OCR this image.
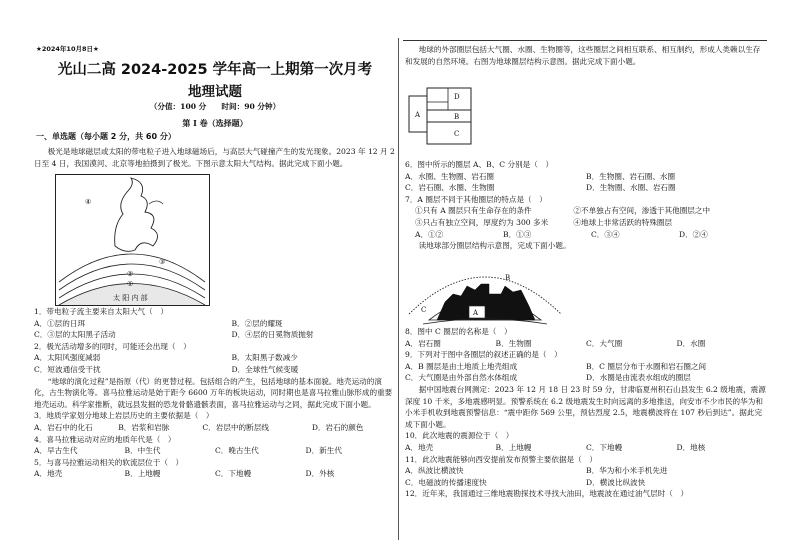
★2024年10月8日★
光山二高 2024-2025 学年高一上期第一次月考
地理试题
（分值：100 分　　时间：90 分钟）
第 I 卷（选择题）
一、单选题（每小题 2 分，共 60 分）

极光是地球磁层或太阳的带电粒子进入地球磁场后，与高层大气碰撞产生的发光现象。2023 年 12 月 2 日至 4 日，我国漠河、北京等地拍摄到了极光。下图示意太阳大气结构。据此完成下面小题。

④
③
②
①
太 阳 内 部

1．带电粒子流主要来自太阳大气（　）

A．①层的日珥	B．②层的耀斑
C．③层的太阳黑子活动	D．④层的日冕物质抛射

2．极光活动增多的同时，可能还会出现（　）

A．太阳风强度减弱	B．太阳黑子数减少
C．短波通信受干扰	D．全球性气候变暖

“地球的演化过程”是指原（代）的更替过程。包括组合的产生，包括地球的基本面貌。地壳运动的演化，古生物演化等。喜马拉雅运动是始于距今 6600 万年的板块运动，同时期也是喜马拉雅山脉形成的重要地壳运动。科学家推断，就远县发掘的恐龙骨骼遗骸表面，喜马拉雅运动与之同，据此完成下面小题。

3．地质学家划分地球上岩层历史的主要依据是（　）

A．岩石中的化石	B．岩浆和岩脉	C．岩层中的断层线	D．岩石的颜色

4．喜马拉雅运动对应的地质年代是（　）

A．早古生代	B．中生代	C．晚古生代	D．新生代

5．与喜马拉雅运动相关的软流层位于（　）

A．地壳	B．上地幔	C．下地幔	D．外核

地球的外部圈层包括大气圈、水圈、生物圈等，这些圈层之间相互联系、相互制约，形成人类赖以生存和发展的自然环境。右图为地球圈层结构示意图。据此完成下面小题。

A
D
B
C

6．图中所示的圈层 A、B、C 分别是（　）

A．水圈、生物圈、岩石圈	B．生物圈、岩石圈、水圈
C．岩石圈、水圈、生物圈	D．生物圈、水圈、岩石圈

7．A 圈层不同于其他圈层的特点是（　）

①只有 A 圈层只有生命存在的条件	②不单独占有空间，渗透于其他圈层之中
③只占有独立空间，厚度约为 300 多米	④地球上非常活跃的特殊圈层
A．①②	B．①③	C．③④	D．②④

读地球部分圈层结构示意图，完成下面小题。

A
B
C

8．图中 C 圈层的名称是（　）

A．岩石圈	B．生物圈	C．大气圈	D．水圈

9．下列对于图中各圈层的叙述正确的是（　）

A．B 圈层是由土地质上地壳组成	B．C 圈层分布于水圈和岩石圈之间
C．大气圈是由外部自然水体组成	D．水圈是由流表水组成的圈层

据中国地震台网测定：2023 年 12 月 18 日 23 时 59 分，甘肃临夏州积石山县发生 6.2 级地震，震源深度 10 千米，多地震感明显。预警系统在 6.2 级地震发生时向远离的多地推送，向安市不少市民的华为和小米手机收到地震预警信息：“震中距你 569 公里，预估烈度 2.5，地震横波将在 107 秒后到达”。据此完成下面小题。

10．此次地震的震源位于（　）

A．地壳	B．上地幔	C．下地幔	D．地核

11．此次地震能够向西安提前发布预警主要依据是（　）

A．纵波比横波快	B．华为和小米手机先进
C．电磁波的传播速度快	D．横波比纵波快

12．近年来，我国通过三维地震勘探技术寻找大油田，地震波在通过油气层时（　）
